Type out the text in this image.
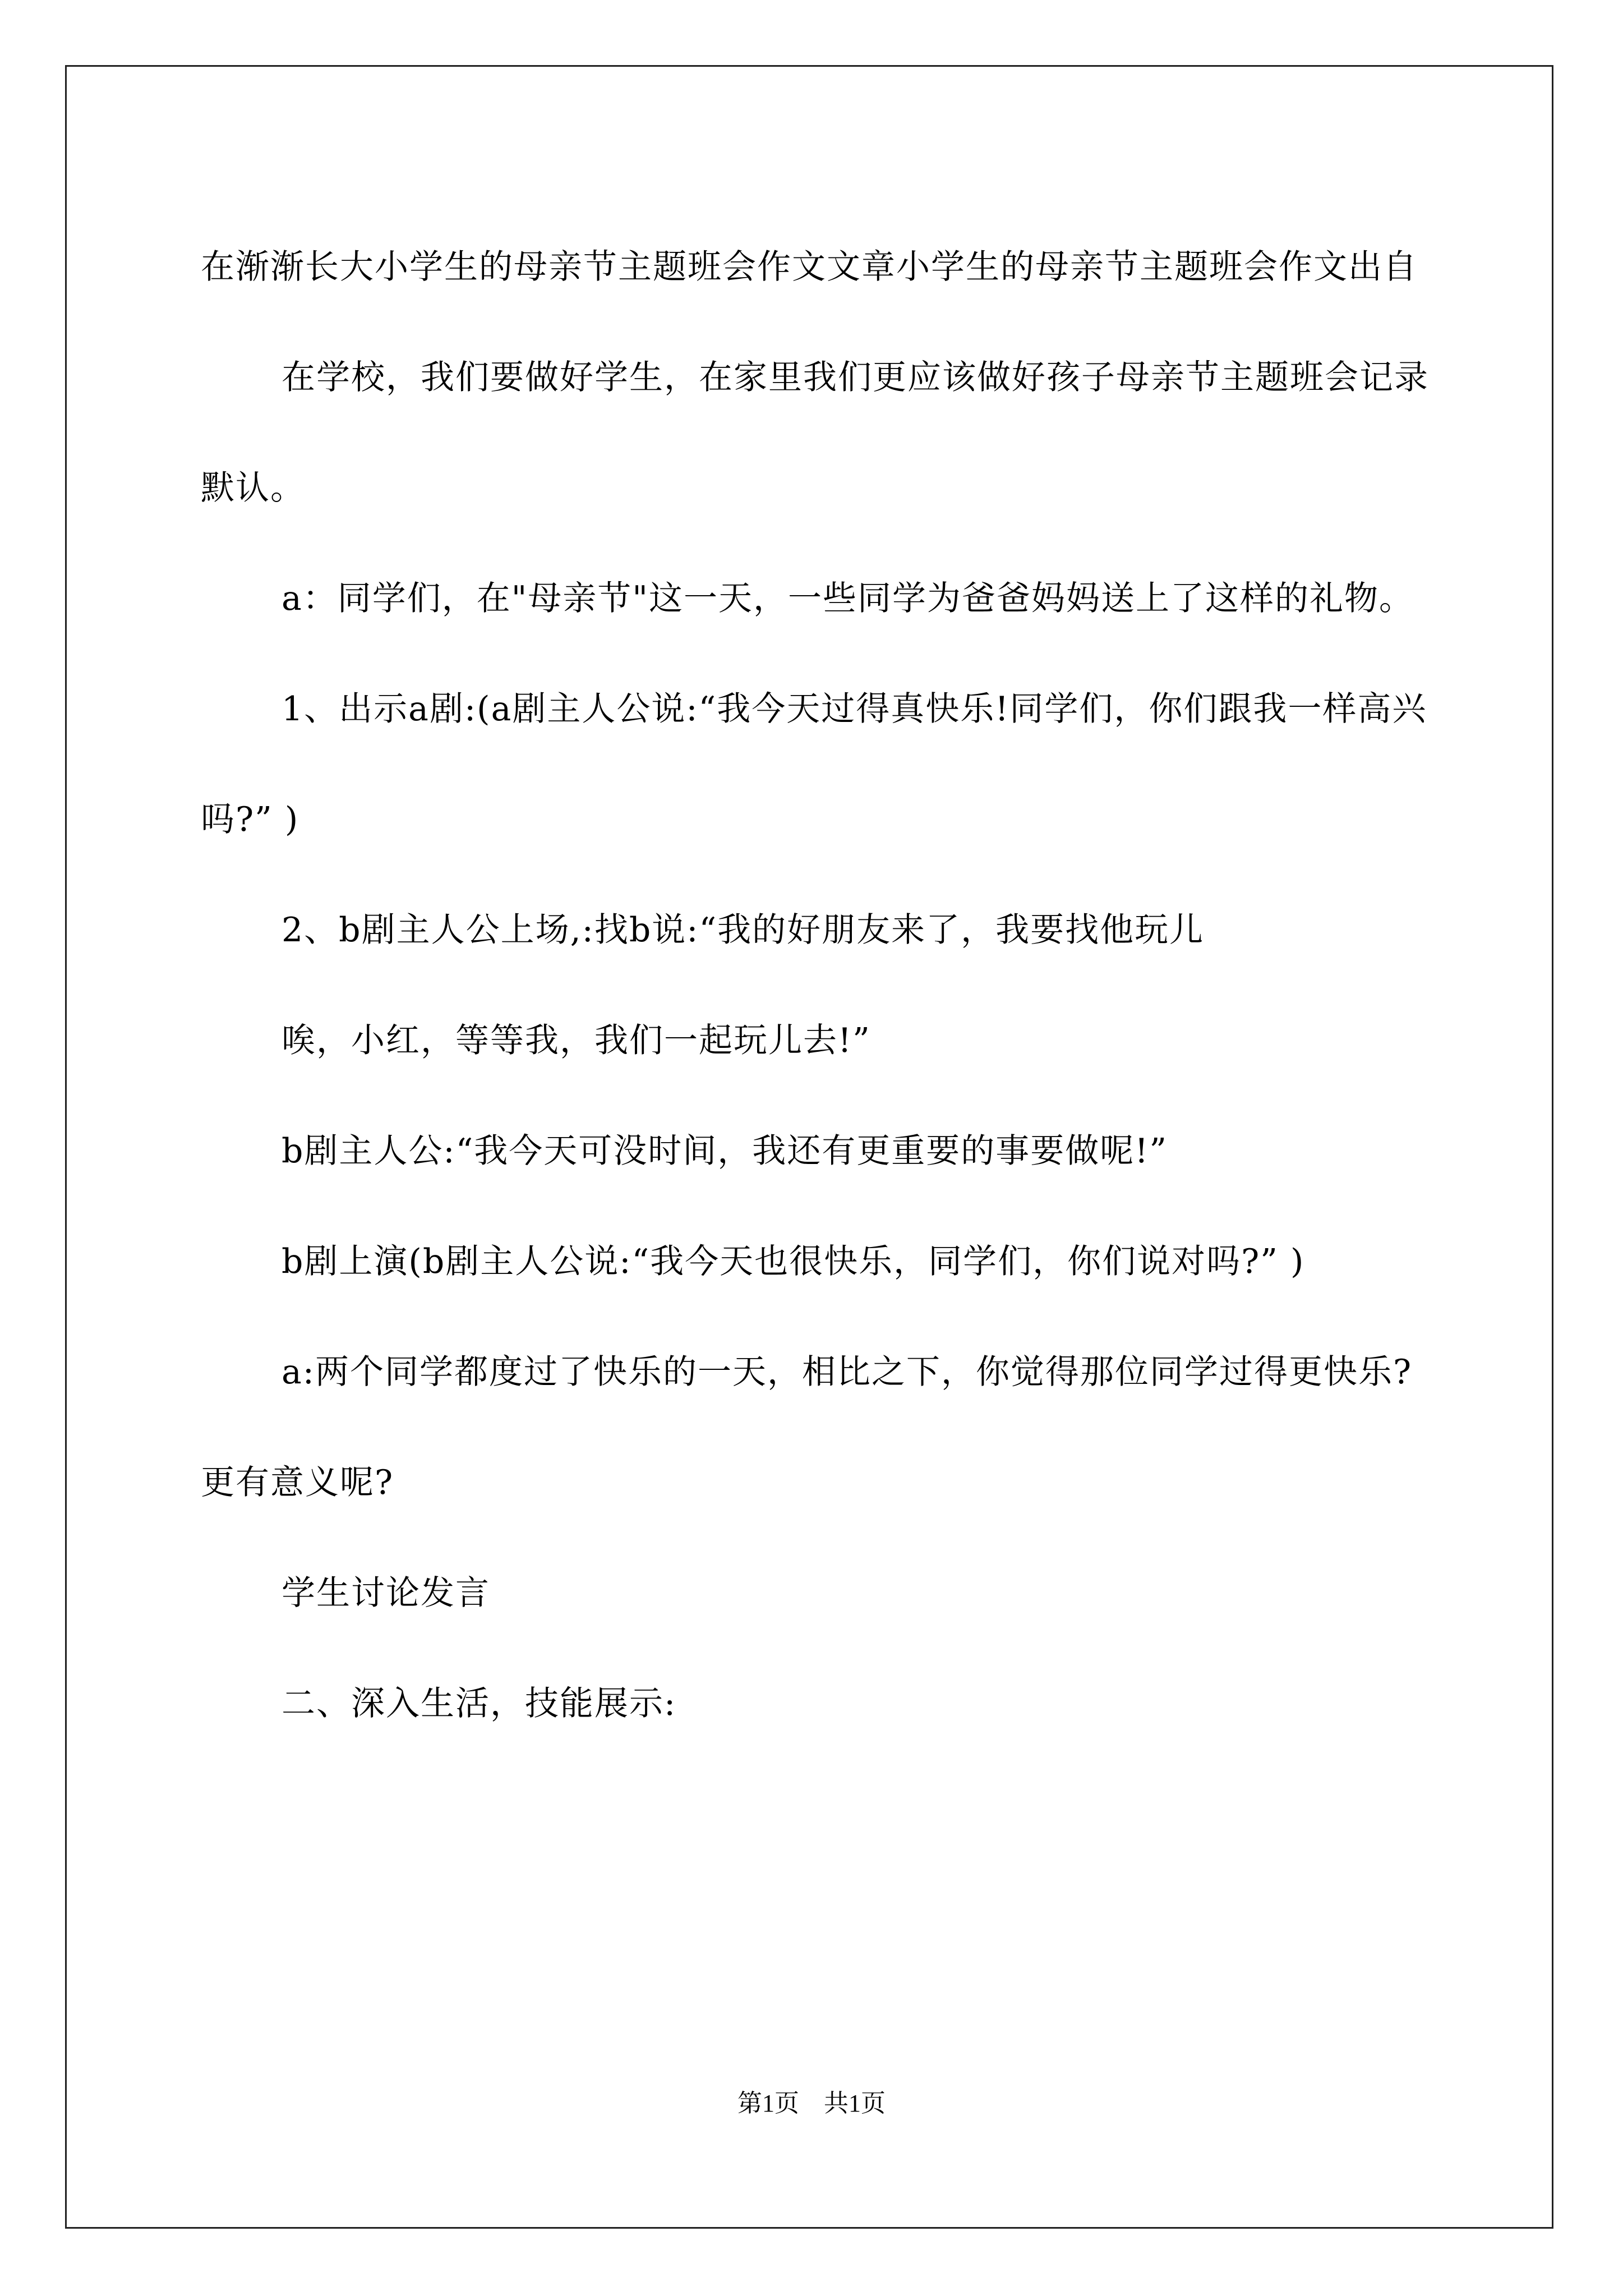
在渐渐长大小学生的母亲节主题班会作文文章小学生的母亲节主题班会作文出自

在学校，我们要做好学生，在家里我们更应该做好孩子母亲节主题班会记录默认。

a：同学们，在"母亲节"这一天，一些同学为爸爸妈妈送上了这样的礼物。

1、出示a剧:(a剧主人公说:“我今天过得真快乐!同学们，你们跟我一样高兴吗?” )

2、b剧主人公上场,:找b说:“我的好朋友来了，我要找他玩儿

唉，小红，等等我，我们一起玩儿去!”

b剧主人公:“我今天可没时间，我还有更重要的事要做呢!”

b剧上演(b剧主人公说:“我今天也很快乐，同学们，你们说对吗?” )

a:两个同学都度过了快乐的一天，相比之下，你觉得那位同学过得更快乐?更有意义呢?

学生讨论发言

二、深入生活，技能展示:

第1页 共1页
